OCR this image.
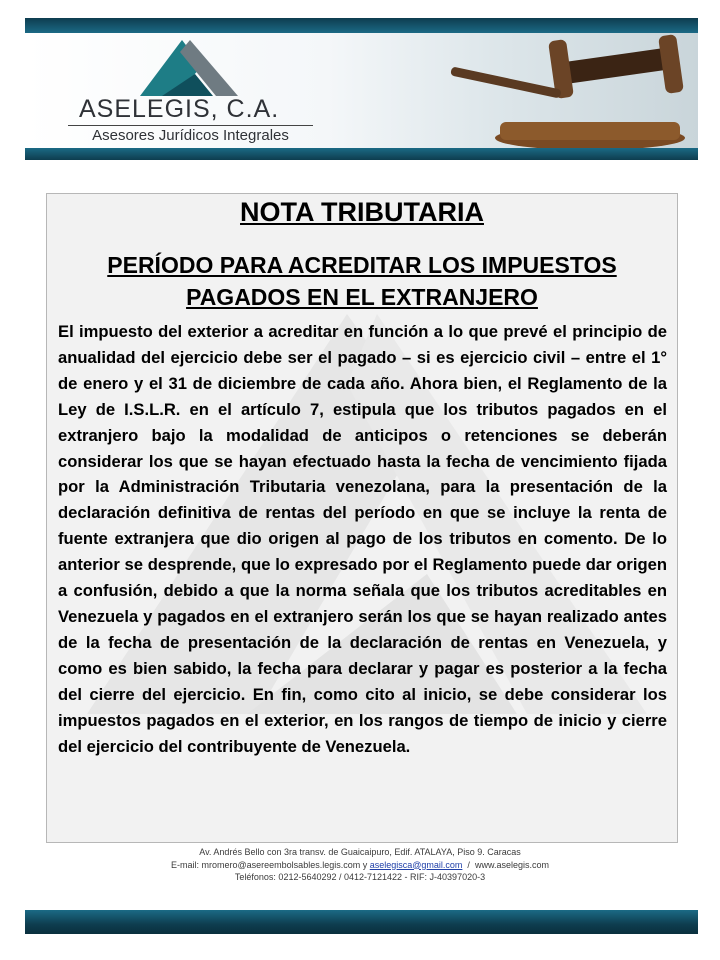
ASELEGIS, C.A.
Asesores Jurídicos Integrales
NOTA TRIBUTARIA
PERÍODO PARA ACREDITAR LOS IMPUESTOS PAGADOS EN EL EXTRANJERO

El impuesto del exterior a acreditar en función a lo que prevé el principio de anualidad del ejercicio debe ser el pagado – si es ejercicio civil – entre el 1° de enero y el 31 de diciembre de cada año. Ahora bien, el Reglamento de la Ley de I.S.L.R. en el artículo 7, estipula que los tributos pagados en el extranjero bajo la modalidad de anticipos o retenciones se deberán considerar los que se hayan efectuado hasta la fecha de vencimiento fijada por la Administración Tributaria venezolana, para la presentación de la declaración definitiva de rentas del período en que se incluye la renta de fuente extranjera que dio origen al pago de los tributos en comento. De lo anterior se desprende, que lo expresado por el Reglamento puede dar origen a confusión, debido a que la norma señala que los tributos acreditables en Venezuela y pagados en el extranjero serán los que se hayan realizado antes de la fecha de presentación de la declaración de rentas en Venezuela, y como es bien sabido, la fecha para declarar y pagar es posterior a la fecha del cierre del ejercicio. En fin, como cito al inicio, se debe considerar los impuestos pagados en el exterior, en los rangos de tiempo de inicio y cierre del ejercicio del contribuyente de Venezuela.

Av. Andrés Bello con 3ra transv. de Guaicaipuro, Edif. ATALAYA, Piso 9. Caracas
E-mail: mromero@asereembolsables.legis.com y aselegisca@gmail.com / www.aselegis.com
Teléfonos: 0212-5640292 / 0412-7121422 - RIF: J-40397020-3
